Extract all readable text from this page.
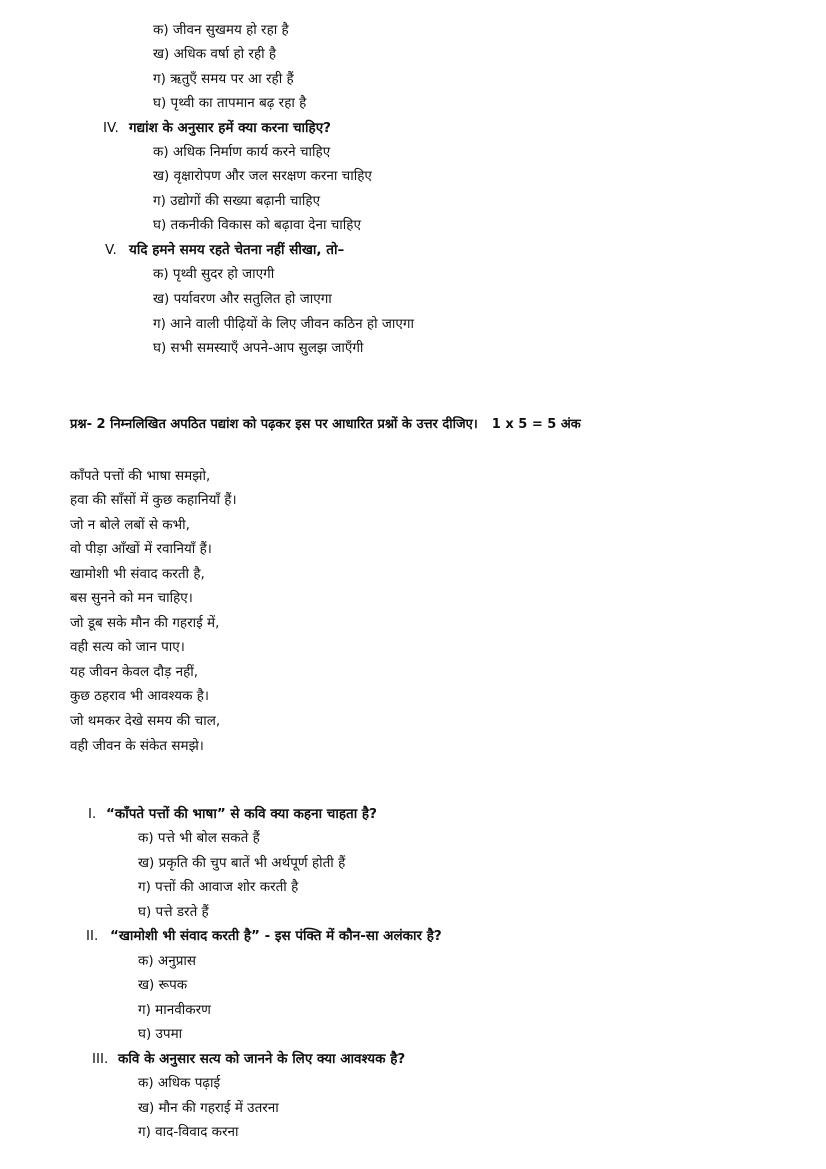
क) जीवन सुखमय हो रहा है
ख) अधिक वर्षा हो रही है
ग) ऋतुएँ समय पर आ रही हैं
घ) पृथ्वी का तापमान बढ़ रहा है
IV. गद्यांश के अनुसार हमें क्या करना चाहिए?
क) अधिक निर्माण कार्य करने चाहिए
ख) वृक्षारोपण और जल सरक्षण करना चाहिए
ग) उद्योगों की सख्या बढ़ानी चाहिए
घ) तकनीकी विकास को बढ़ावा देना चाहिए
V. यदि हमने समय रहते चेतना नहीं सीखा, तो–
क) पृथ्वी सुदर हो जाएगी
ख) पर्यावरण और सतुलित हो जाएगा
ग) आने वाली पीढ़ियों के लिए जीवन कठिन हो जाएगा
घ) सभी समस्याएँ अपने-आप सुलझ जाएँगी
प्रश्न- 2 निम्नलिखित अपठित पद्यांश को पढ़कर इस पर आधारित प्रश्नों के उत्तर दीजिए। 1 x 5 = 5 अंक
काँपते पत्तों की भाषा समझो,
हवा की साँसों में कुछ कहानियाँ हैं।
जो न बोले लबों से कभी,
वो पीड़ा आँखों में रवानियाँ हैं।
खामोशी भी संवाद करती है,
बस सुनने को मन चाहिए।
जो डूब सके मौन की गहराई में,
वही सत्य को जान पाए।
यह जीवन केवल दौड़ नहीं,
कुछ ठहराव भी आवश्यक है।
जो थमकर देखे समय की चाल,
वही जीवन के संकेत समझे।
I. “काँपते पत्तों की भाषा” से कवि क्या कहना चाहता है?
क) पत्ते भी बोल सकते हैं
ख) प्रकृति की चुप बातें भी अर्थपूर्ण होती हैं
ग) पत्तों की आवाज शोर करती है
घ) पत्ते डरते हैं
II. “खामोशी भी संवाद करती है” - इस पंक्ति में कौन-सा अलंकार है?
क) अनुप्रास
ख) रूपक
ग) मानवीकरण
घ) उपमा
III. कवि के अनुसार सत्य को जानने के लिए क्या आवश्यक है?
क) अधिक पढ़ाई
ख) मौन की गहराई में उतरना
ग) वाद-विवाद करना
